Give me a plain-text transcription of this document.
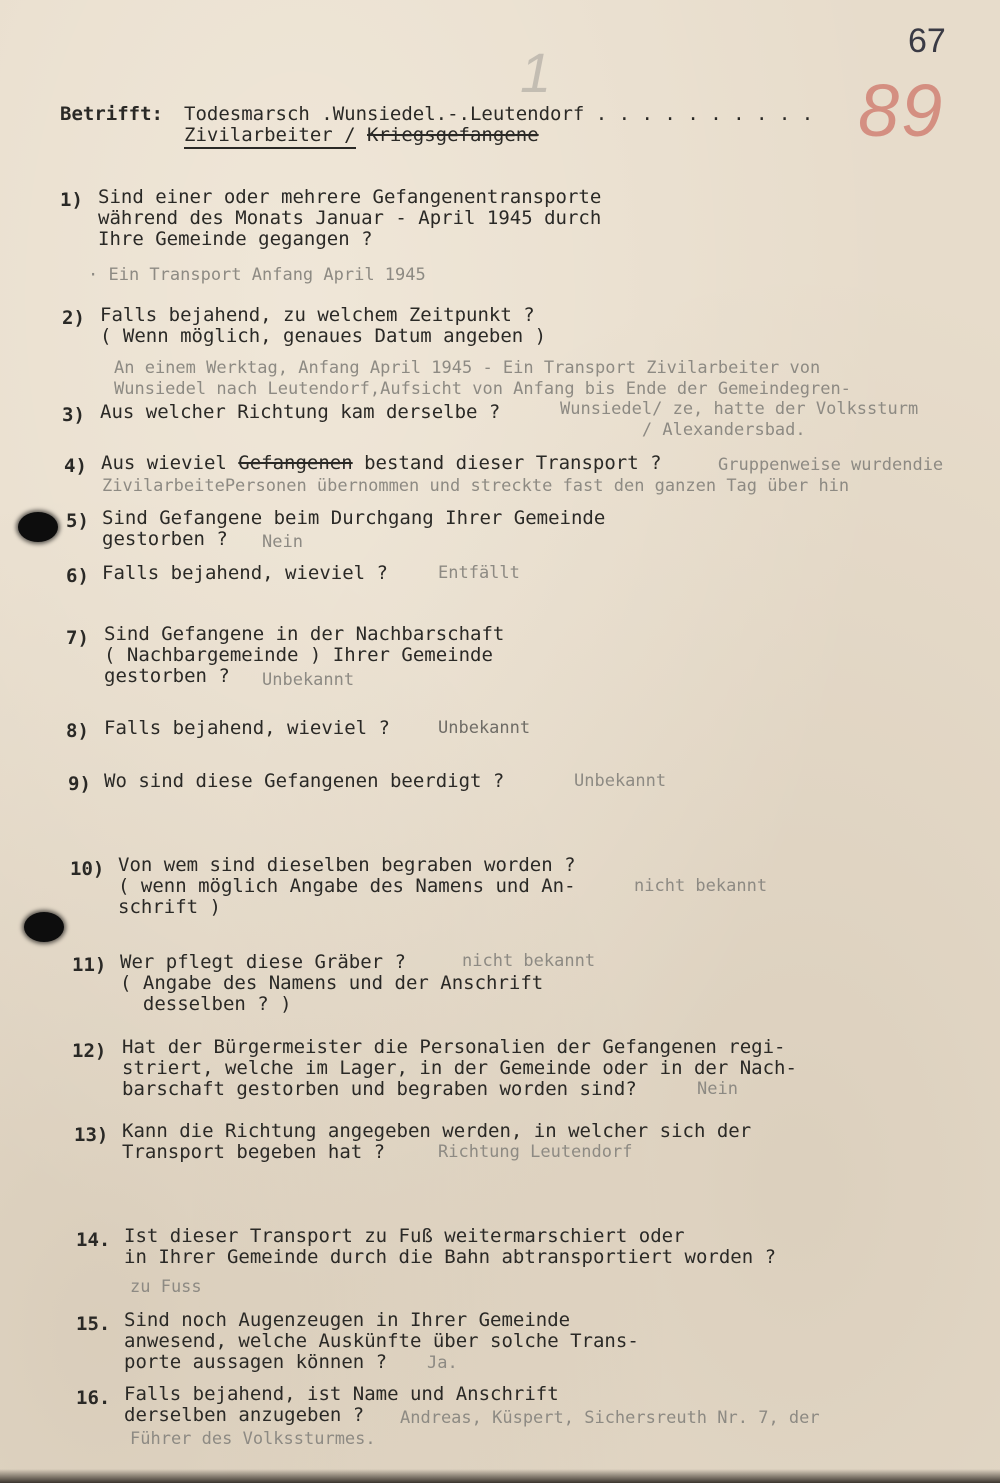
67
1	89
Betrifft: Todesmarsch .Wunsiedel.-.Leutendorf . . . . . . . . . .
Zivilarbeiter / Kriegsgefangene
1) Sind einer oder mehrere Gefangenentransporte
während des Monats Januar - April 1945 durch
Ihre Gemeinde gegangen ?
· Ein Transport Anfang April 1945
2) Falls bejahend, zu welchem Zeitpunkt ?
( Wenn möglich, genaues Datum angeben )
An einem Werktag, Anfang April 1945 - Ein Transport Zivilarbeiter von
Wunsiedel nach Leutendorf,Aufsicht von Anfang bis Ende der Gemeindegren-
3) Aus welcher Richtung kam derselbe ?	Wunsiedel/ ze, hatte der Volkssturm
/ Alexandersbad.
4) Aus wieviel Gefangenen bestand dieser Transport ?	Gruppenweise wurdendie
ZivilarbeitePersonen übernommen und streckte fast den ganzen Tag über hin
5) Sind Gefangene beim Durchgang Ihrer Gemeinde
gestorben ?	Nein
6) Falls bejahend, wieviel ?	Entfällt
7) Sind Gefangene in der Nachbarschaft
( Nachbargemeinde ) Ihrer Gemeinde
gestorben ?	Unbekannt
8) Falls bejahend, wieviel ?	Unbekannt
9) Wo sind diese Gefangenen beerdigt ?	Unbekannt
10) Von wem sind dieselben begraben worden ?
( wenn möglich Angabe des Namens und An-
schrift )
nicht bekannt
11) Wer pflegt diese Gräber ?
( Angabe des Namens und der Anschrift
desselben ? )
nicht bekannt
12) Hat der Bürgermeister die Personalien der Gefangenen regi-
striert, welche im Lager, in der Gemeinde oder in der Nach-
barschaft gestorben und begraben worden sind?	Nein
13) Kann die Richtung angegeben werden, in welcher sich der
Transport begeben hat ?	Richtung Leutendorf
14. Ist dieser Transport zu Fuß weitermarschiert oder
in Ihrer Gemeinde durch die Bahn abtransportiert worden ?
zu Fuss
15. Sind noch Augenzeugen in Ihrer Gemeinde
anwesend, welche Auskünfte über solche Trans-
porte aussagen können ?	Ja.
16. Falls bejahend, ist Name und Anschrift
derselben anzugeben ?	Andreas, Küspert, Sichersreuth Nr. 7, der
Führer des Volkssturmes.
